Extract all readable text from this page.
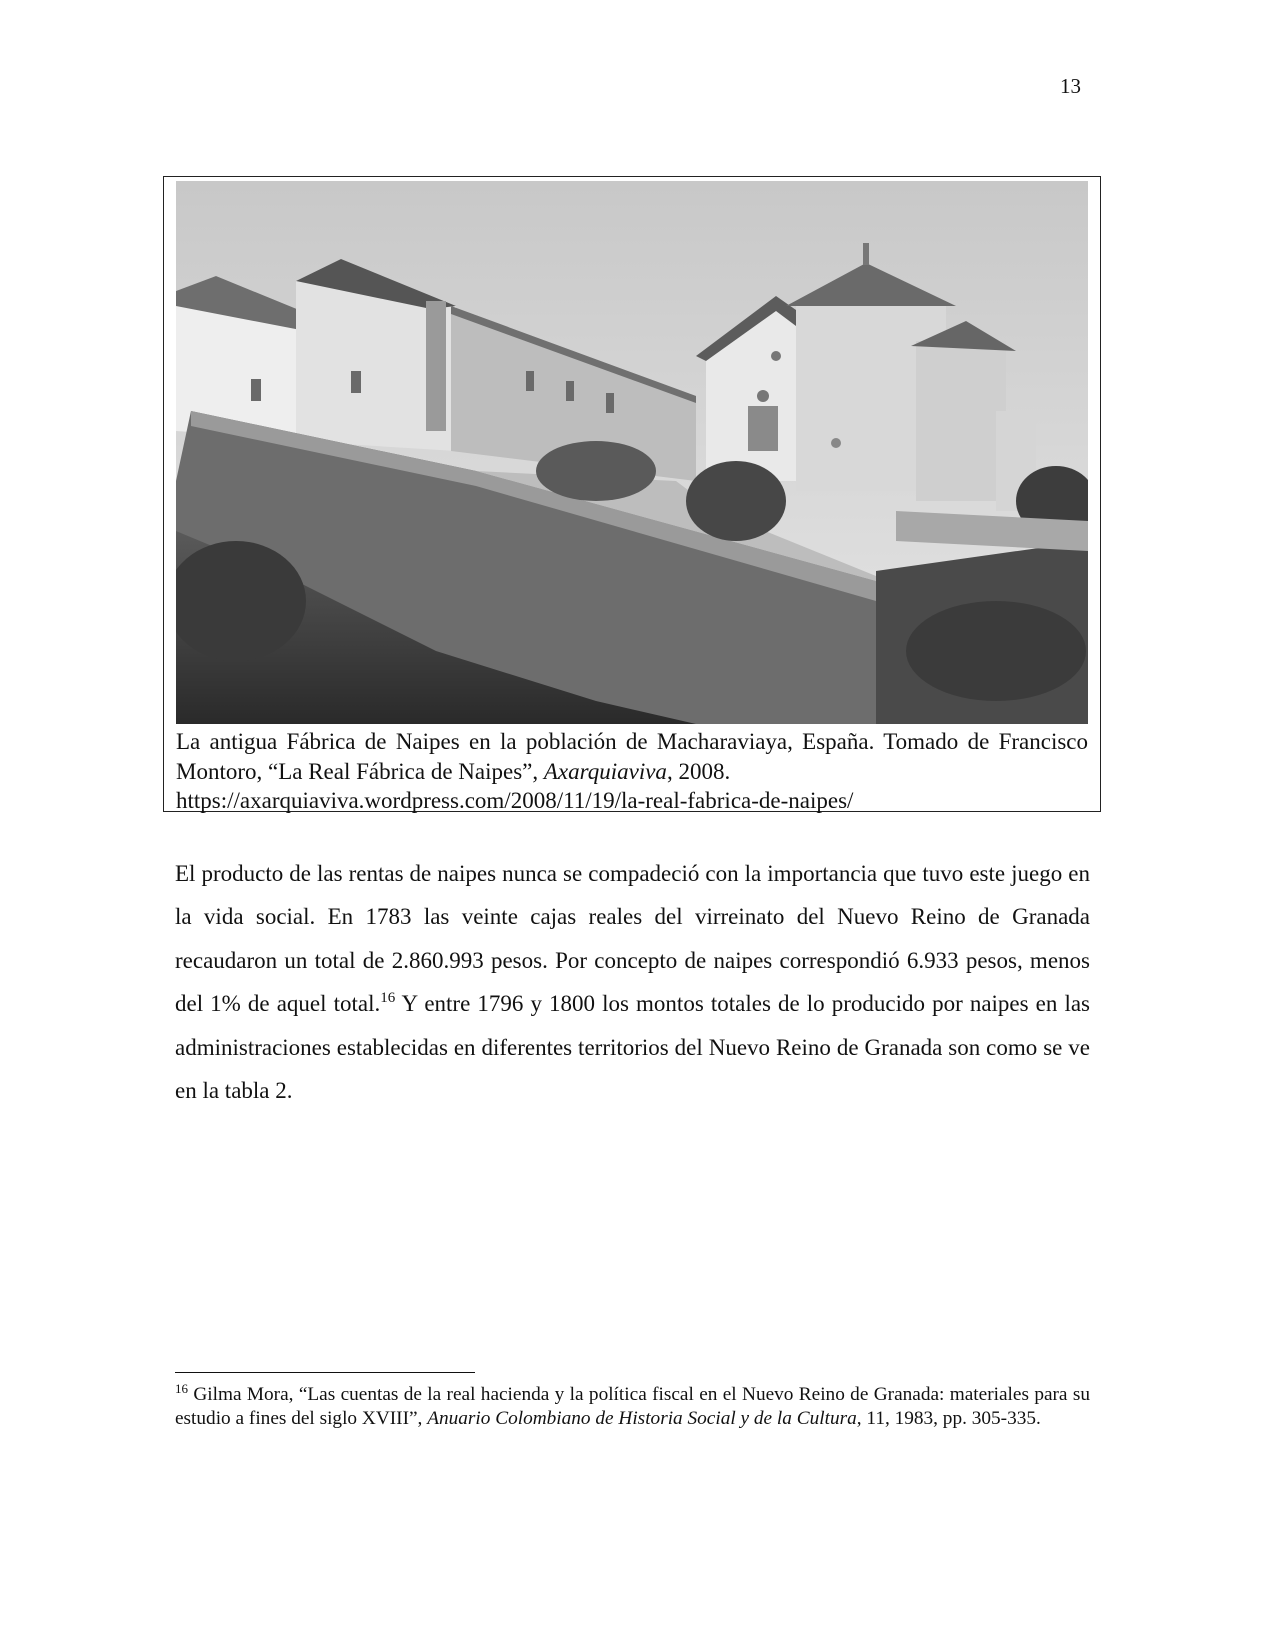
13
La antigua Fábrica de Naipes en la población de Macharaviaya, España. Tomado de Francisco Montoro, “La Real Fábrica de Naipes”, Axarquiaviva, 2008.
https://axarquiaviva.wordpress.com/2008/11/19/la-real-fabrica-de-naipes/

El producto de las rentas de naipes nunca se compadeció con la importancia que tuvo este juego en la vida social. En 1783 las veinte cajas reales del virreinato del Nuevo Reino de Granada recaudaron un total de 2.860.993 pesos. Por concepto de naipes correspondió 6.933 pesos, menos del 1% de aquel total.$^{16}$ Y entre 1796 y 1800 los montos totales de lo producido por naipes en las administraciones establecidas en diferentes territorios del Nuevo Reino de Granada son como se ve en la tabla 2.

$^{16}$ Gilma Mora, “Las cuentas de la real hacienda y la política fiscal en el Nuevo Reino de Granada: materiales para su estudio a fines del siglo XVIII”, Anuario Colombiano de Historia Social y de la Cultura, 11, 1983, pp. 305-335.
